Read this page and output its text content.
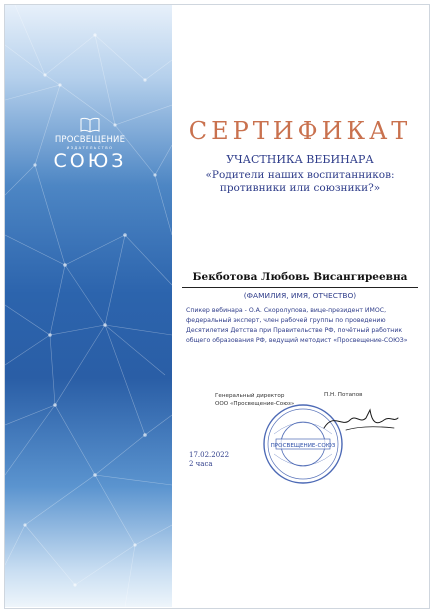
ПРОСВЕЩЕНИЕ
ИЗДАТЕЛЬСТВО
СОЮЗ
СЕРТИФИКАТ
УЧАСТНИКА ВЕБИНАРА
«Родители наших воспитанников: противники или союзники?»
Бекботова Любовь Висангиреевна
(ФАМИЛИЯ, ИМЯ, ОТЧЕСТВО)
Спикер вебинара - О.А. Скоролупова, вице-президент ИМОС, федеральный эксперт, член рабочей группы по проведению Десятилетия Детства при Правительстве РФ, почётный работник общего образования РФ, ведущий методист «Просвещение-СОЮЗ»
Генеральный директор
ООО «Просвещение-Союз»
П.Н. Потапов
ПРОСВЕЩЕНИЕ-СОЮЗ
17.02.2022
2 часа
